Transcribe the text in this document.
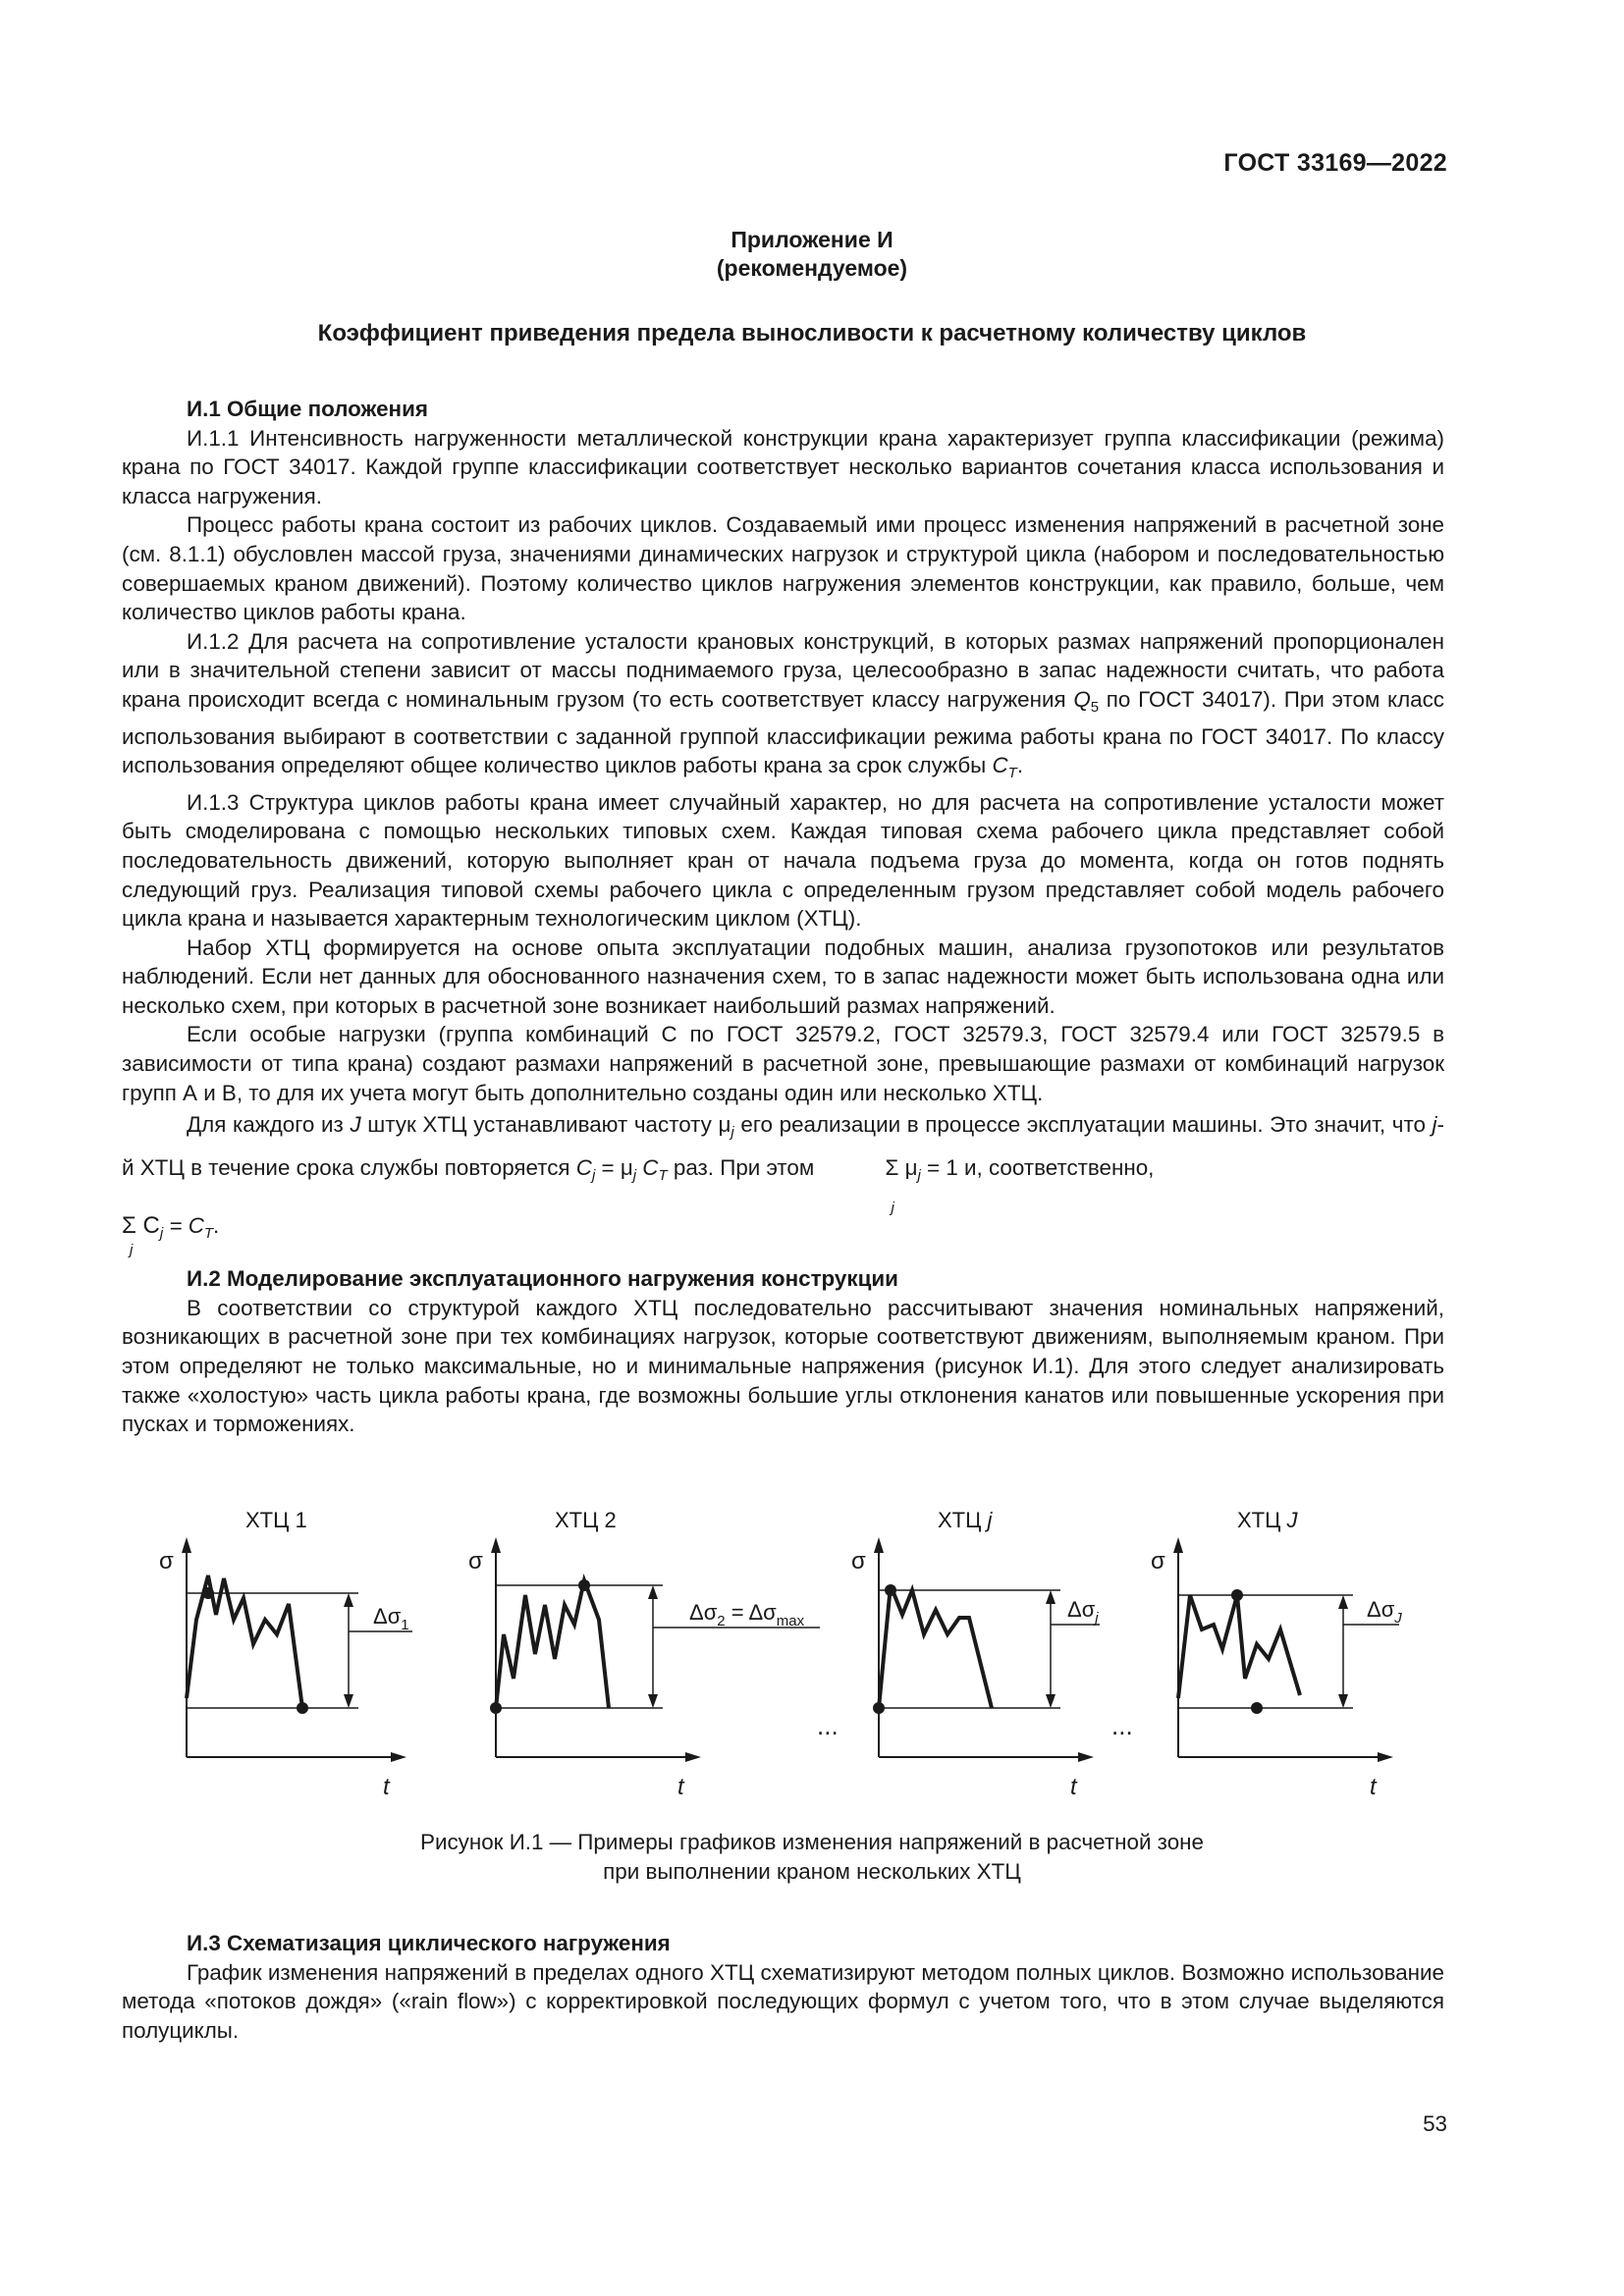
ГОСТ 33169—2022
Приложение И
(рекомендуемое)
Коэффициент приведения предела выносливости к расчетному количеству циклов
И.1 Общие положения

И.1.1 Интенсивность нагруженности металлической конструкции крана характеризует группа классификации (режима) крана по ГОСТ 34017. Каждой группе классификации соответствует несколько вариантов сочетания класса использования и класса нагружения.

Процесс работы крана состоит из рабочих циклов. Создаваемый ими процесс изменения напряжений в расчетной зоне (см. 8.1.1) обусловлен массой груза, значениями динамических нагрузок и структурой цикла (набором и последовательностью совершаемых краном движений). Поэтому количество циклов нагружения элементов конструкции, как правило, больше, чем количество циклов работы крана.

И.1.2 Для расчета на сопротивление усталости крановых конструкций, в которых размах напряжений пропорционален или в значительной степени зависит от массы поднимаемого груза, целесообразно в запас надежности считать, что работа крана происходит всегда с номинальным грузом (то есть соответствует классу нагружения $Q_5$ по ГОСТ 34017). При этом класс использования выбирают в соответствии с заданной группой классификации режима работы крана по ГОСТ 34017. По классу использования определяют общее количество циклов работы крана за срок службы $C_T$.

И.1.3 Структура циклов работы крана имеет случайный характер, но для расчета на сопротивление усталости может быть смоделирована с помощью нескольких типовых схем. Каждая типовая схема рабочего цикла представляет собой последовательность движений, которую выполняет кран от начала подъема груза до момента, когда он готов поднять следующий груз. Реализация типовой схемы рабочего цикла с определенным грузом представляет собой модель рабочего цикла крана и называется характерным технологическим циклом (ХТЦ).

Набор ХТЦ формируется на основе опыта эксплуатации подобных машин, анализа грузопотоков или результатов наблюдений. Если нет данных для обоснованного назначения схем, то в запас надежности может быть использована одна или несколько схем, при которых в расчетной зоне возникает наибольший размах напряжений.

Если особые нагрузки (группа комбинаций С по ГОСТ 32579.2, ГОСТ 32579.3, ГОСТ 32579.4 или ГОСТ 32579.5 в зависимости от типа крана) создают размахи напряжений в расчетной зоне, превышающие размахи от комбинаций нагрузок групп А и В, то для их учета могут быть дополнительно созданы один или несколько ХТЦ.

Для каждого из J штук ХТЦ устанавливают частоту $\mu_j$ его реализации в процессе эксплуатации машины. Это значит, что j-й ХТЦ в течение срока службы повторяется $C_j = \mu_j$ $C_T$ раз. При этом	Σ $\mu_j = 1$
j
и, соответственно,

Σ $C_j = C_T$.
j
И.2 Моделирование эксплуатационного нагружения конструкции

В соответствии со структурой каждого ХТЦ последовательно рассчитывают значения номинальных напряжений, возникающих в расчетной зоне при тех комбинациях нагрузок, которые соответствуют движениям, выполняемым краном. При этом определяют не только максимальные, но и минимальные напряжения (рисунок И.1). Для этого следует анализировать также «холостую» часть цикла работы крана, где возможны большие углы отклонения канатов или повышенные ускорения при пусках и торможениях.

σ
t
ХТЦ 1
$\Delta\sigma_1$
σ
t
ХТЦ 2
$\Delta\sigma_2 = \Delta\sigma_{max}$
σ
t
ХТЦ j
$\Delta\sigma_j$
σ
t
ХТЦ J
$\Delta\sigma_J$
...	...
Рисунок И.1 — Примеры графиков изменения напряжений в расчетной зоне
при выполнении краном нескольких ХТЦ
И.3 Схематизация циклического нагружения

График изменения напряжений в пределах одного ХТЦ схематизируют методом полных циклов. Возможно использование метода «потоков дождя» («rain flow») с корректировкой последующих формул с учетом того, что в этом случае выделяются полуциклы.

53
